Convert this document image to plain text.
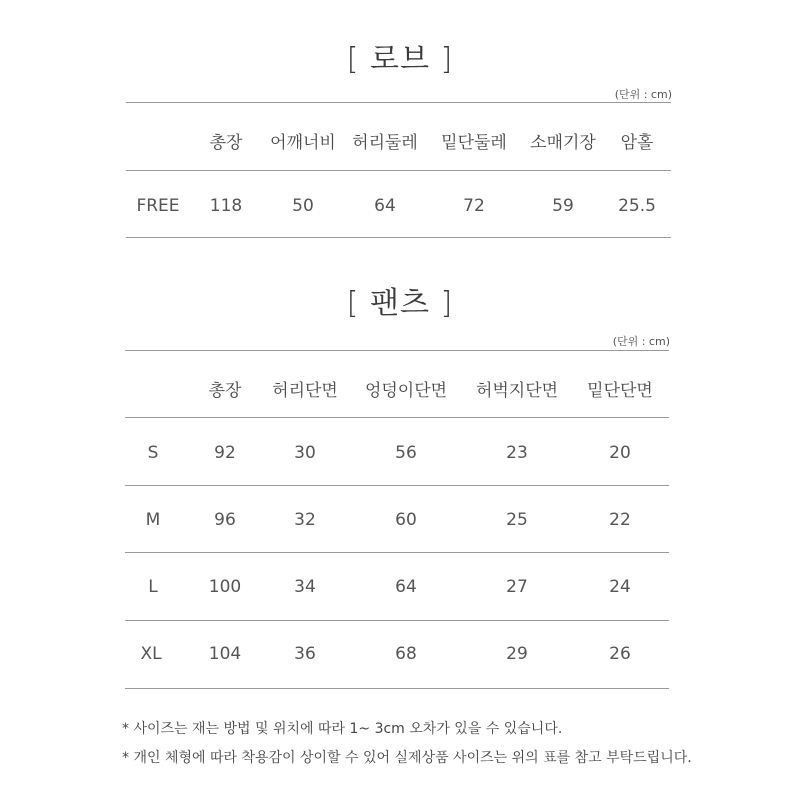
[ 로브 ]
(단위 : cm)
총장 어깨너비 허리둘레 밑단둘레 소매기장 암홀
FREE 118	50	64	72	59	25.5
[ 팬츠 ]
(단위 : cm)
총장 허리단면 엉덩이단면 허벅지단면 밑단단면
S	92	30	56	23	20
M	96	32	60	25	22
L	100	34	64	27	24
XL	104	36	68	29	26
* 사이즈는 재는 방법 및 위치에 따라 1~ 3cm 오차가 있을 수 있습니다.
* 개인 체형에 따라 착용감이 상이할 수 있어 실제상품 사이즈는 위의 표를 참고 부탁드립니다.
